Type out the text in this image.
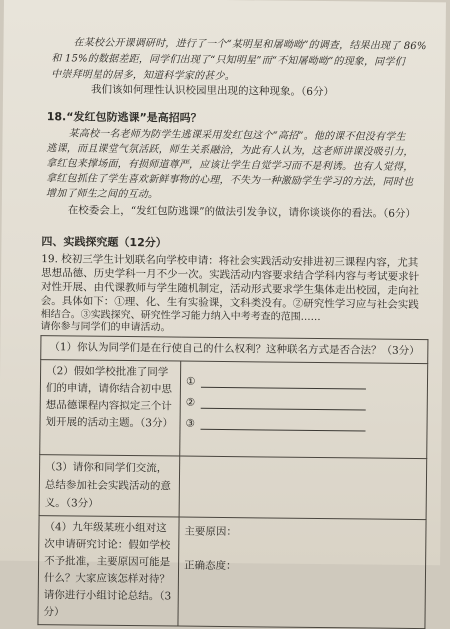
在某校公开课调研时，进行了一个“某明星和屠呦呦”的调查，结果出现了 86%
和 15%的数据差距，同学们出现了“只知明星”而“不知屠呦呦”的现象，同学们
中崇拜明星的居多，知道科学家的甚少。
我们该如何理性认识校园里出现的这种现象。（6分）
18.“发红包防逃课”是高招吗？
某高校一名老师为防学生逃课采用发红包这个“高招”。他的课不但没有学生
逃课，而且课堂气氛活跃，师生关系融洽，为此有人认为，这老师讲课没吸引力，
拿红包来撑场面，有损师道尊严，应该让学生自觉学习而不是利诱。也有人觉得，
拿红包抓住了学生喜欢新鲜事物的心理，不失为一种激励学生学习的方法，同时也
增加了师生之间的互动。
在校委会上，“发红包防逃课”的做法引发争议，请你谈谈你的看法。（6分）
四、实践探究题（12分）
19. 校初三学生计划联名向学校申请：将社会实践活动安排进初三课程内容，尤其
思想品德、历史学科一月不少一次。实践活动内容要求结合学科内容与考试要求针
对性开展、由代课教师与学生随机制定，活动形式要求学生集体走出校园，走向社
会。具体如下：①理、化、生有实验课，文科类没有。②研究性学习应与社会实践
相结合。③实践探究、研究性学习能力纳入中考考查的范围……
请你参与同学们的申请活动。
（1）你认为同学们是在行使自己的什么权利？这种联名方式是否合法？（3分）	
（2）假如学校批准了同学们的申请，请你结合初中思想品德课程内容拟定三个计划开展的活动主题。（3分）	①
②
③

（3）请你和同学们交流，总结参加社会实践活动的意义。（3分）	
（4）九年级某班小组对这次申请研究讨论：假如学校不予批准，主要原因可能是什么？大家应该怎样对待？请你进行小组讨论总结。（3分）	主要原因：
正确态度：
